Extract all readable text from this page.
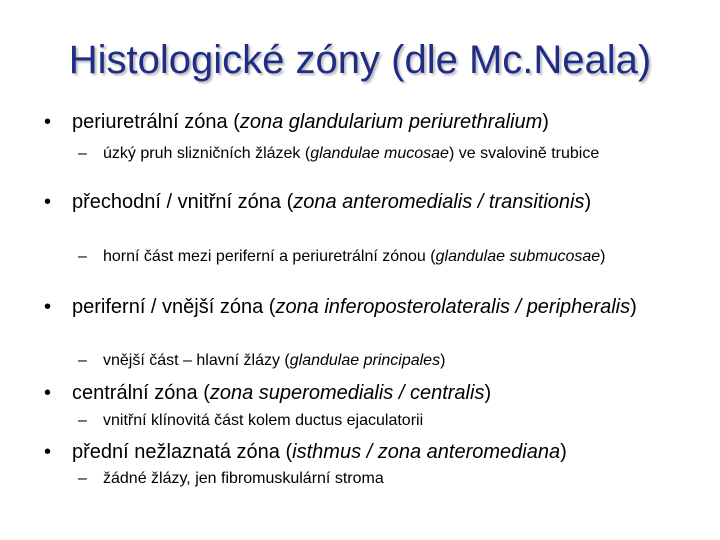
Histologické zóny (dle Mc.Neala)
• periuretrální zóna (zona glandularium periurethralium)
– úzký pruh slizničních žlázek (glandulae mucosae) ve svalovině trubice
• přechodní / vnitřní zóna (zona anteromedialis / transitionis)
– horní část mezi periferní a periuretrální zónou (glandulae submucosae)
• periferní / vnější zóna (zona inferoposterolateralis / peripheralis)
– vnější část – hlavní žlázy (glandulae principales)
• centrální zóna (zona superomedialis / centralis)
– vnitřní klínovitá část kolem ductus ejaculatorii
• přední nežlaznatá zóna (isthmus / zona anteromediana)
– žádné žlázy, jen fibromuskulární stroma
